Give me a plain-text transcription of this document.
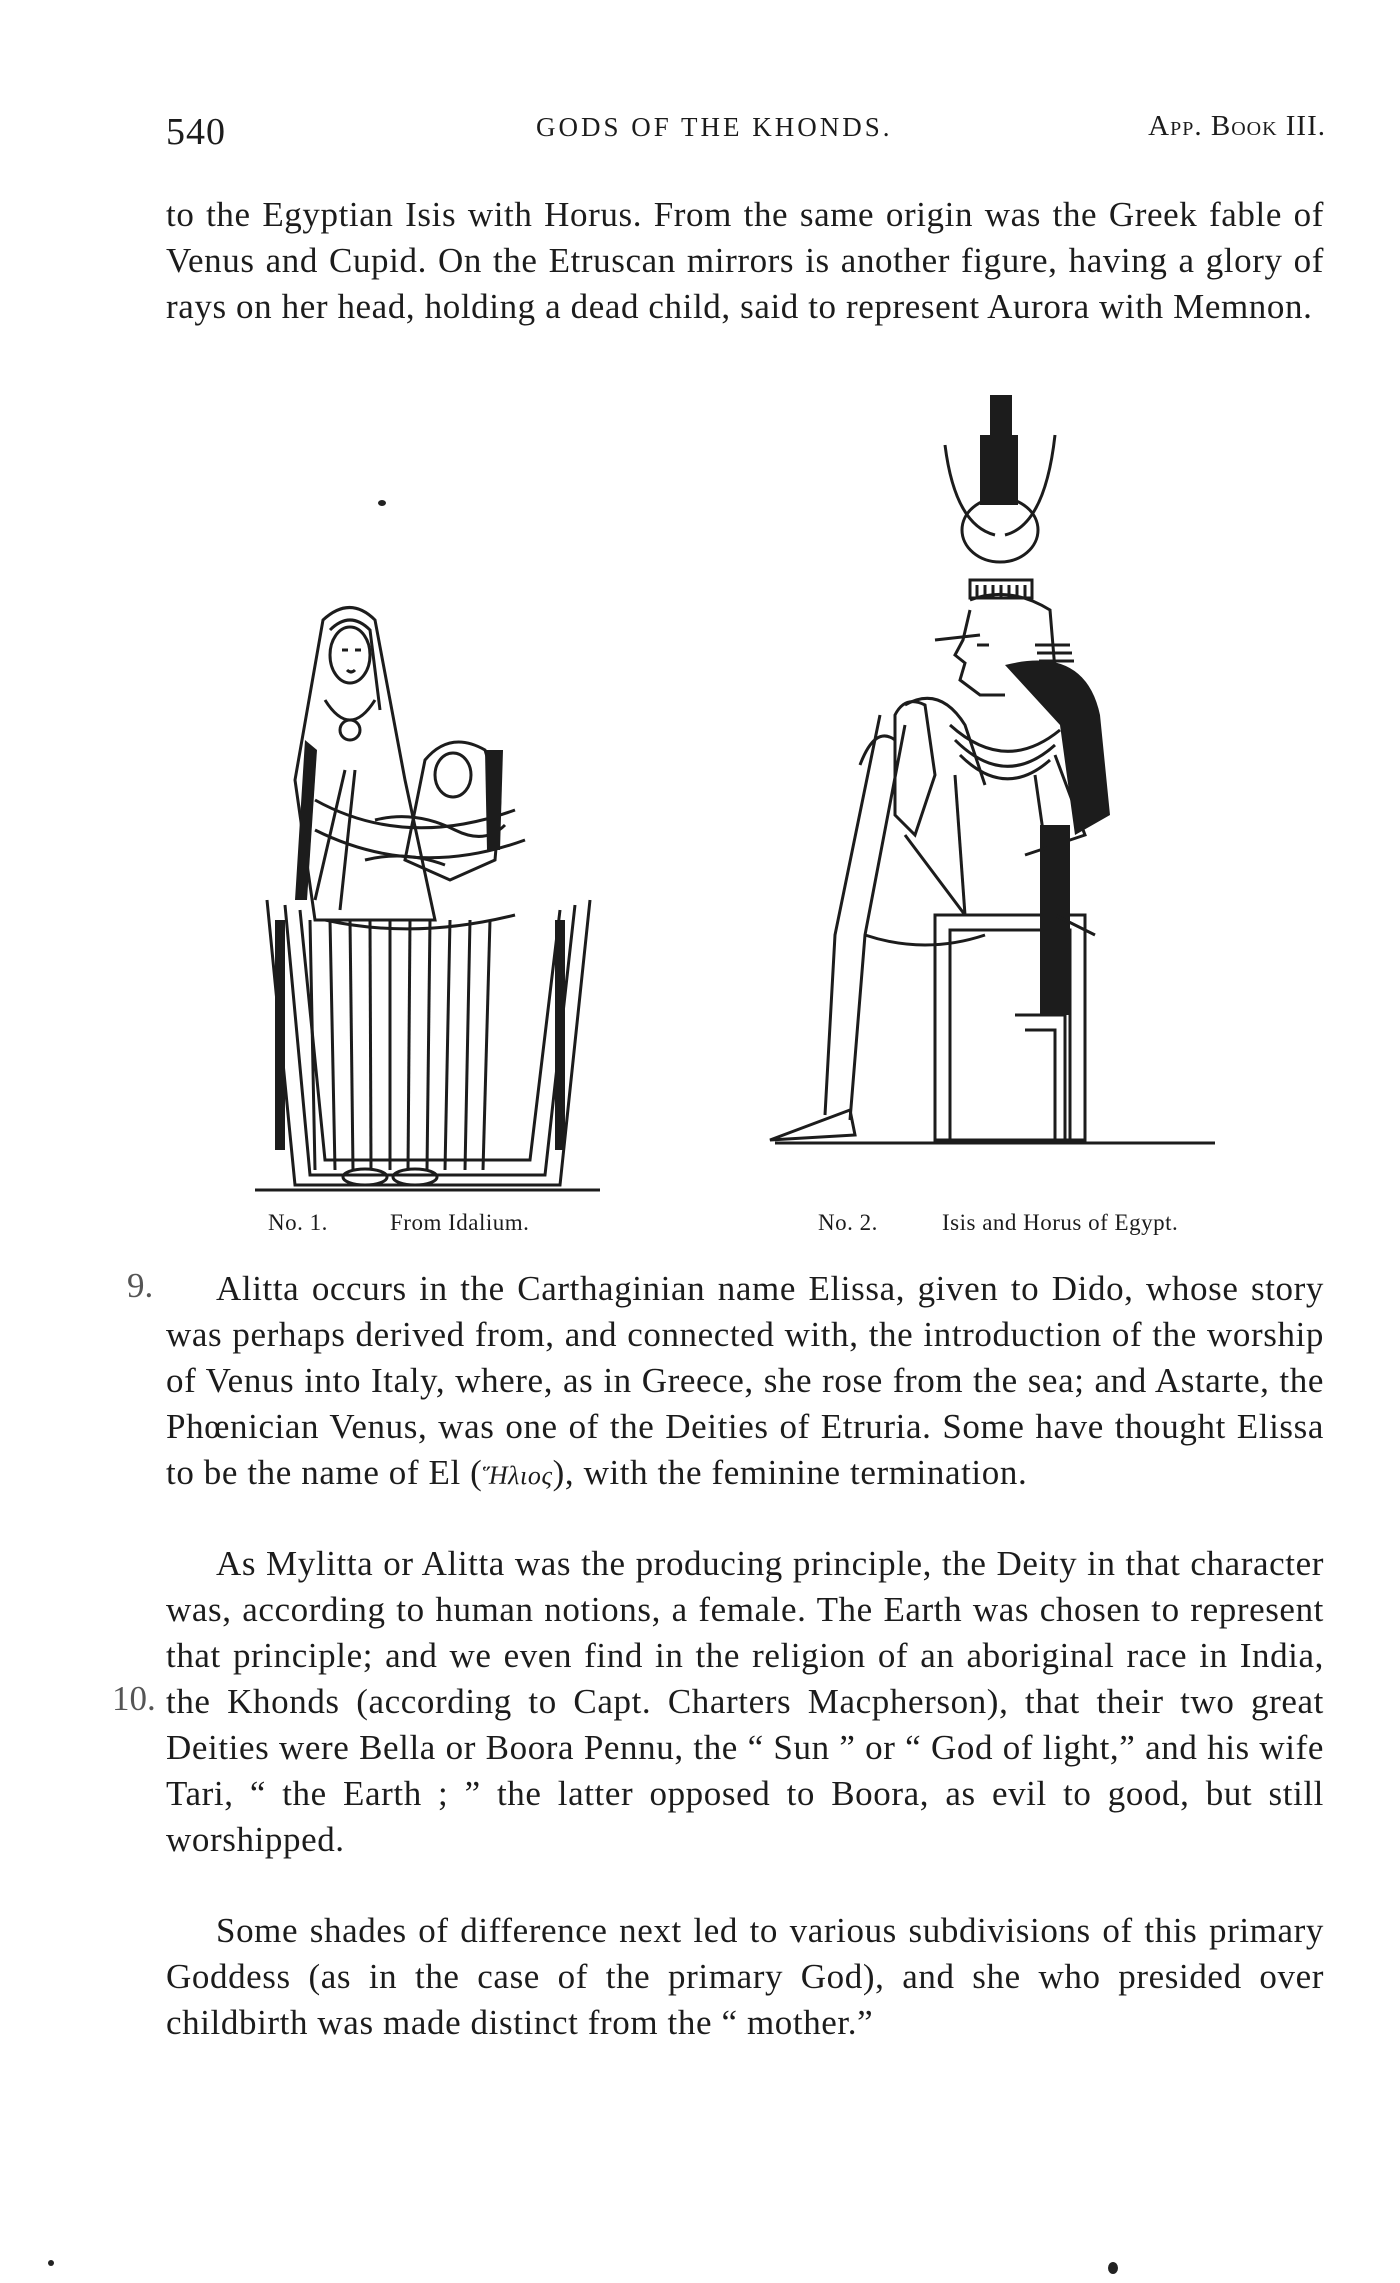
540	GODS OF THE KHONDS.	App. Book III.
to the Egyptian Isis with Horus. From the same origin was the Greek fable of Venus and Cupid. On the Etruscan mirrors is another figure, having a glory of rays on her head, holding a dead child, said to represent Aurora with Memnon.
No. 1.	From Idalium.	No. 2.	Isis and Horus of Egypt.
9.	Alitta occurs in the Carthaginian name Elissa, given to Dido, whose story was perhaps derived from, and connected with, the introduction of the worship of Venus into Italy, where, as in Greece, she rose from the sea; and Astarte, the Phœnician Venus, was one of the Deities of Etruria. Some have thought Elissa to be the name of El (Ἥλιος), with the feminine termination.
As Mylitta or Alitta was the producing principle, the Deity in that character was, according to human notions, a female. The Earth was chosen to represent that principle; and we even find in the religion of an aboriginal race in India, the Khonds (according to Capt. Charters Macpherson), that their two great Deities were Bella or Boora Pennu, the “ Sun ” or “ God of light,” and his wife Tari, “ the Earth ; ” the latter opposed to Boora, as evil to good, but still worshipped.
10.
Some shades of difference next led to various subdivisions of this primary Goddess (as in the case of the primary God), and she who presided over childbirth was made distinct from the “ mother.”
